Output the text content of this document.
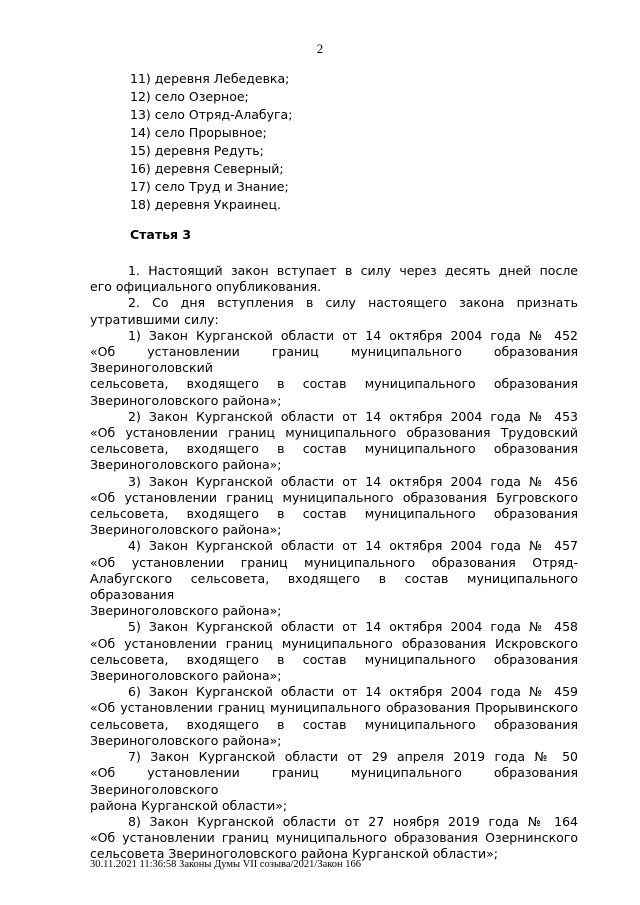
2
11) деревня Лебедевка;
12) село Озерное;
13) село Отряд-Алабуга;
14) село Прорывное;
15) деревня Редуть;
16) деревня Северный;
17) село Труд и Знание;
18) деревня Украинец.
Статья 3
1. Настоящий закон вступает в силу через десять дней после
его официального опубликования.
2. Со дня вступления в силу настоящего закона признать
утратившими силу:
1) Закон Курганской области от 14 октября 2004 года № 452
«Об установлении границ муниципального образования Звериноголовский
сельсовета, входящего в состав муниципального образования
Звериноголовского района»;
2) Закон Курганской области от 14 октября 2004 года № 453
«Об установлении границ муниципального образования Трудовский
сельсовета, входящего в состав муниципального образования
Звериноголовского района»;
3) Закон Курганской области от 14 октября 2004 года № 456
«Об установлении границ муниципального образования Бугровского
сельсовета, входящего в состав муниципального образования
Звериноголовского района»;
4) Закон Курганской области от 14 октября 2004 года № 457
«Об установлении границ муниципального образования Отряд-
Алабугского сельсовета, входящего в состав муниципального образования
Звериноголовского района»;
5) Закон Курганской области от 14 октября 2004 года № 458
«Об установлении границ муниципального образования Искровского
сельсовета, входящего в состав муниципального образования
Звериноголовского района»;
6) Закон Курганской области от 14 октября 2004 года № 459
«Об установлении границ муниципального образования Прорывинского
сельсовета, входящего в состав муниципального образования
Звериноголовского района»;
7) Закон Курганской области от 29 апреля 2019 года № 50
«Об установлении границ муниципального образования Звериноголовского
района Курганской области»;
8) Закон Курганской области от 27 ноября 2019 года № 164
«Об установлении границ муниципального образования Озернинского
сельсовета Звериноголовского района Курганской области»;
30.11.2021 11:36:58 Законы Думы VII созыва/2021/Закон 166
